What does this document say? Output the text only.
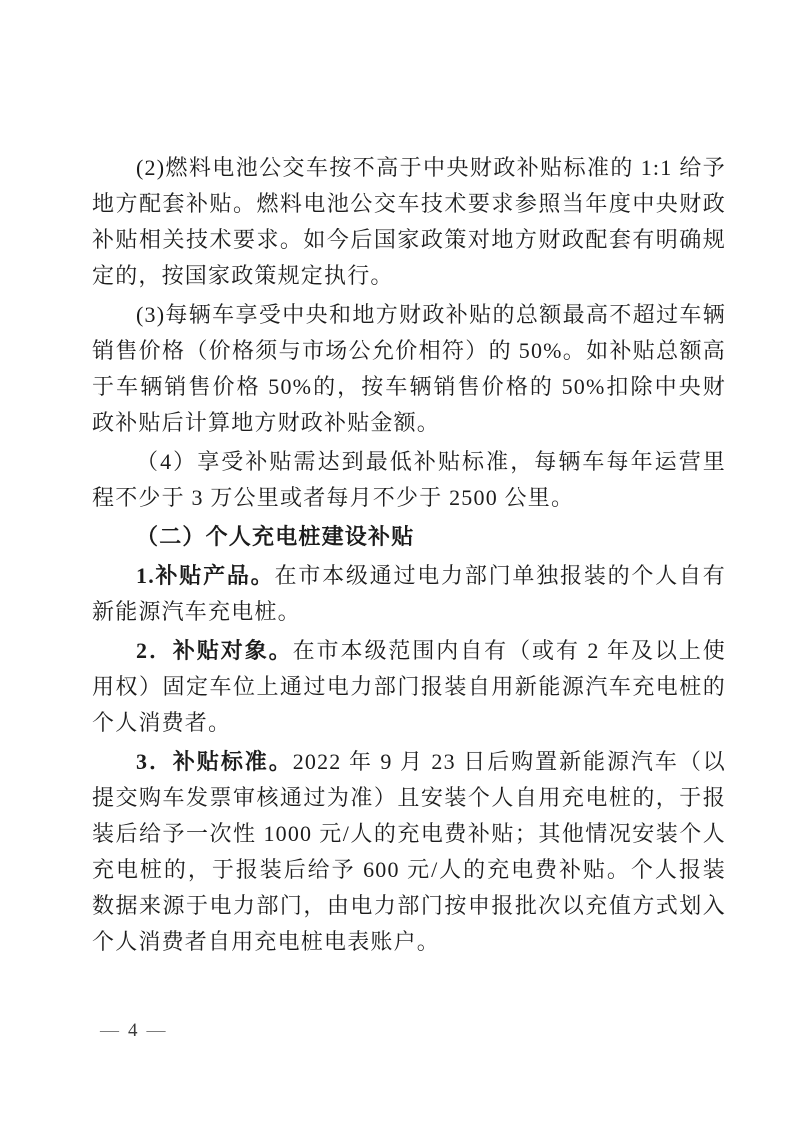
(2)燃料电池公交车按不高于中央财政补贴标准的 1:1 给予地方配套补贴。燃料电池公交车技术要求参照当年度中央财政补贴相关技术要求。如今后国家政策对地方财政配套有明确规定的，按国家政策规定执行。

(3)每辆车享受中央和地方财政补贴的总额最高不超过车辆销售价格（价格须与市场公允价相符）的 50%。如补贴总额高于车辆销售价格 50%的，按车辆销售价格的 50%扣除中央财政补贴后计算地方财政补贴金额。

（4）享受补贴需达到最低补贴标准，每辆车每年运营里程不少于 3 万公里或者每月不少于 2500 公里。

（二）个人充电桩建设补贴

1.补贴产品。在市本级通过电力部门单独报装的个人自有新能源汽车充电桩。

2．补贴对象。在市本级范围内自有（或有 2 年及以上使用权）固定车位上通过电力部门报装自用新能源汽车充电桩的个人消费者。

3．补贴标准。2022 年 9 月 23 日后购置新能源汽车（以提交购车发票审核通过为准）且安装个人自用充电桩的，于报装后给予一次性 1000 元/人的充电费补贴；其他情况安装个人充电桩的，于报装后给予 600 元/人的充电费补贴。个人报装数据来源于电力部门，由电力部门按申报批次以充值方式划入个人消费者自用充电桩电表账户。

— 4 —
